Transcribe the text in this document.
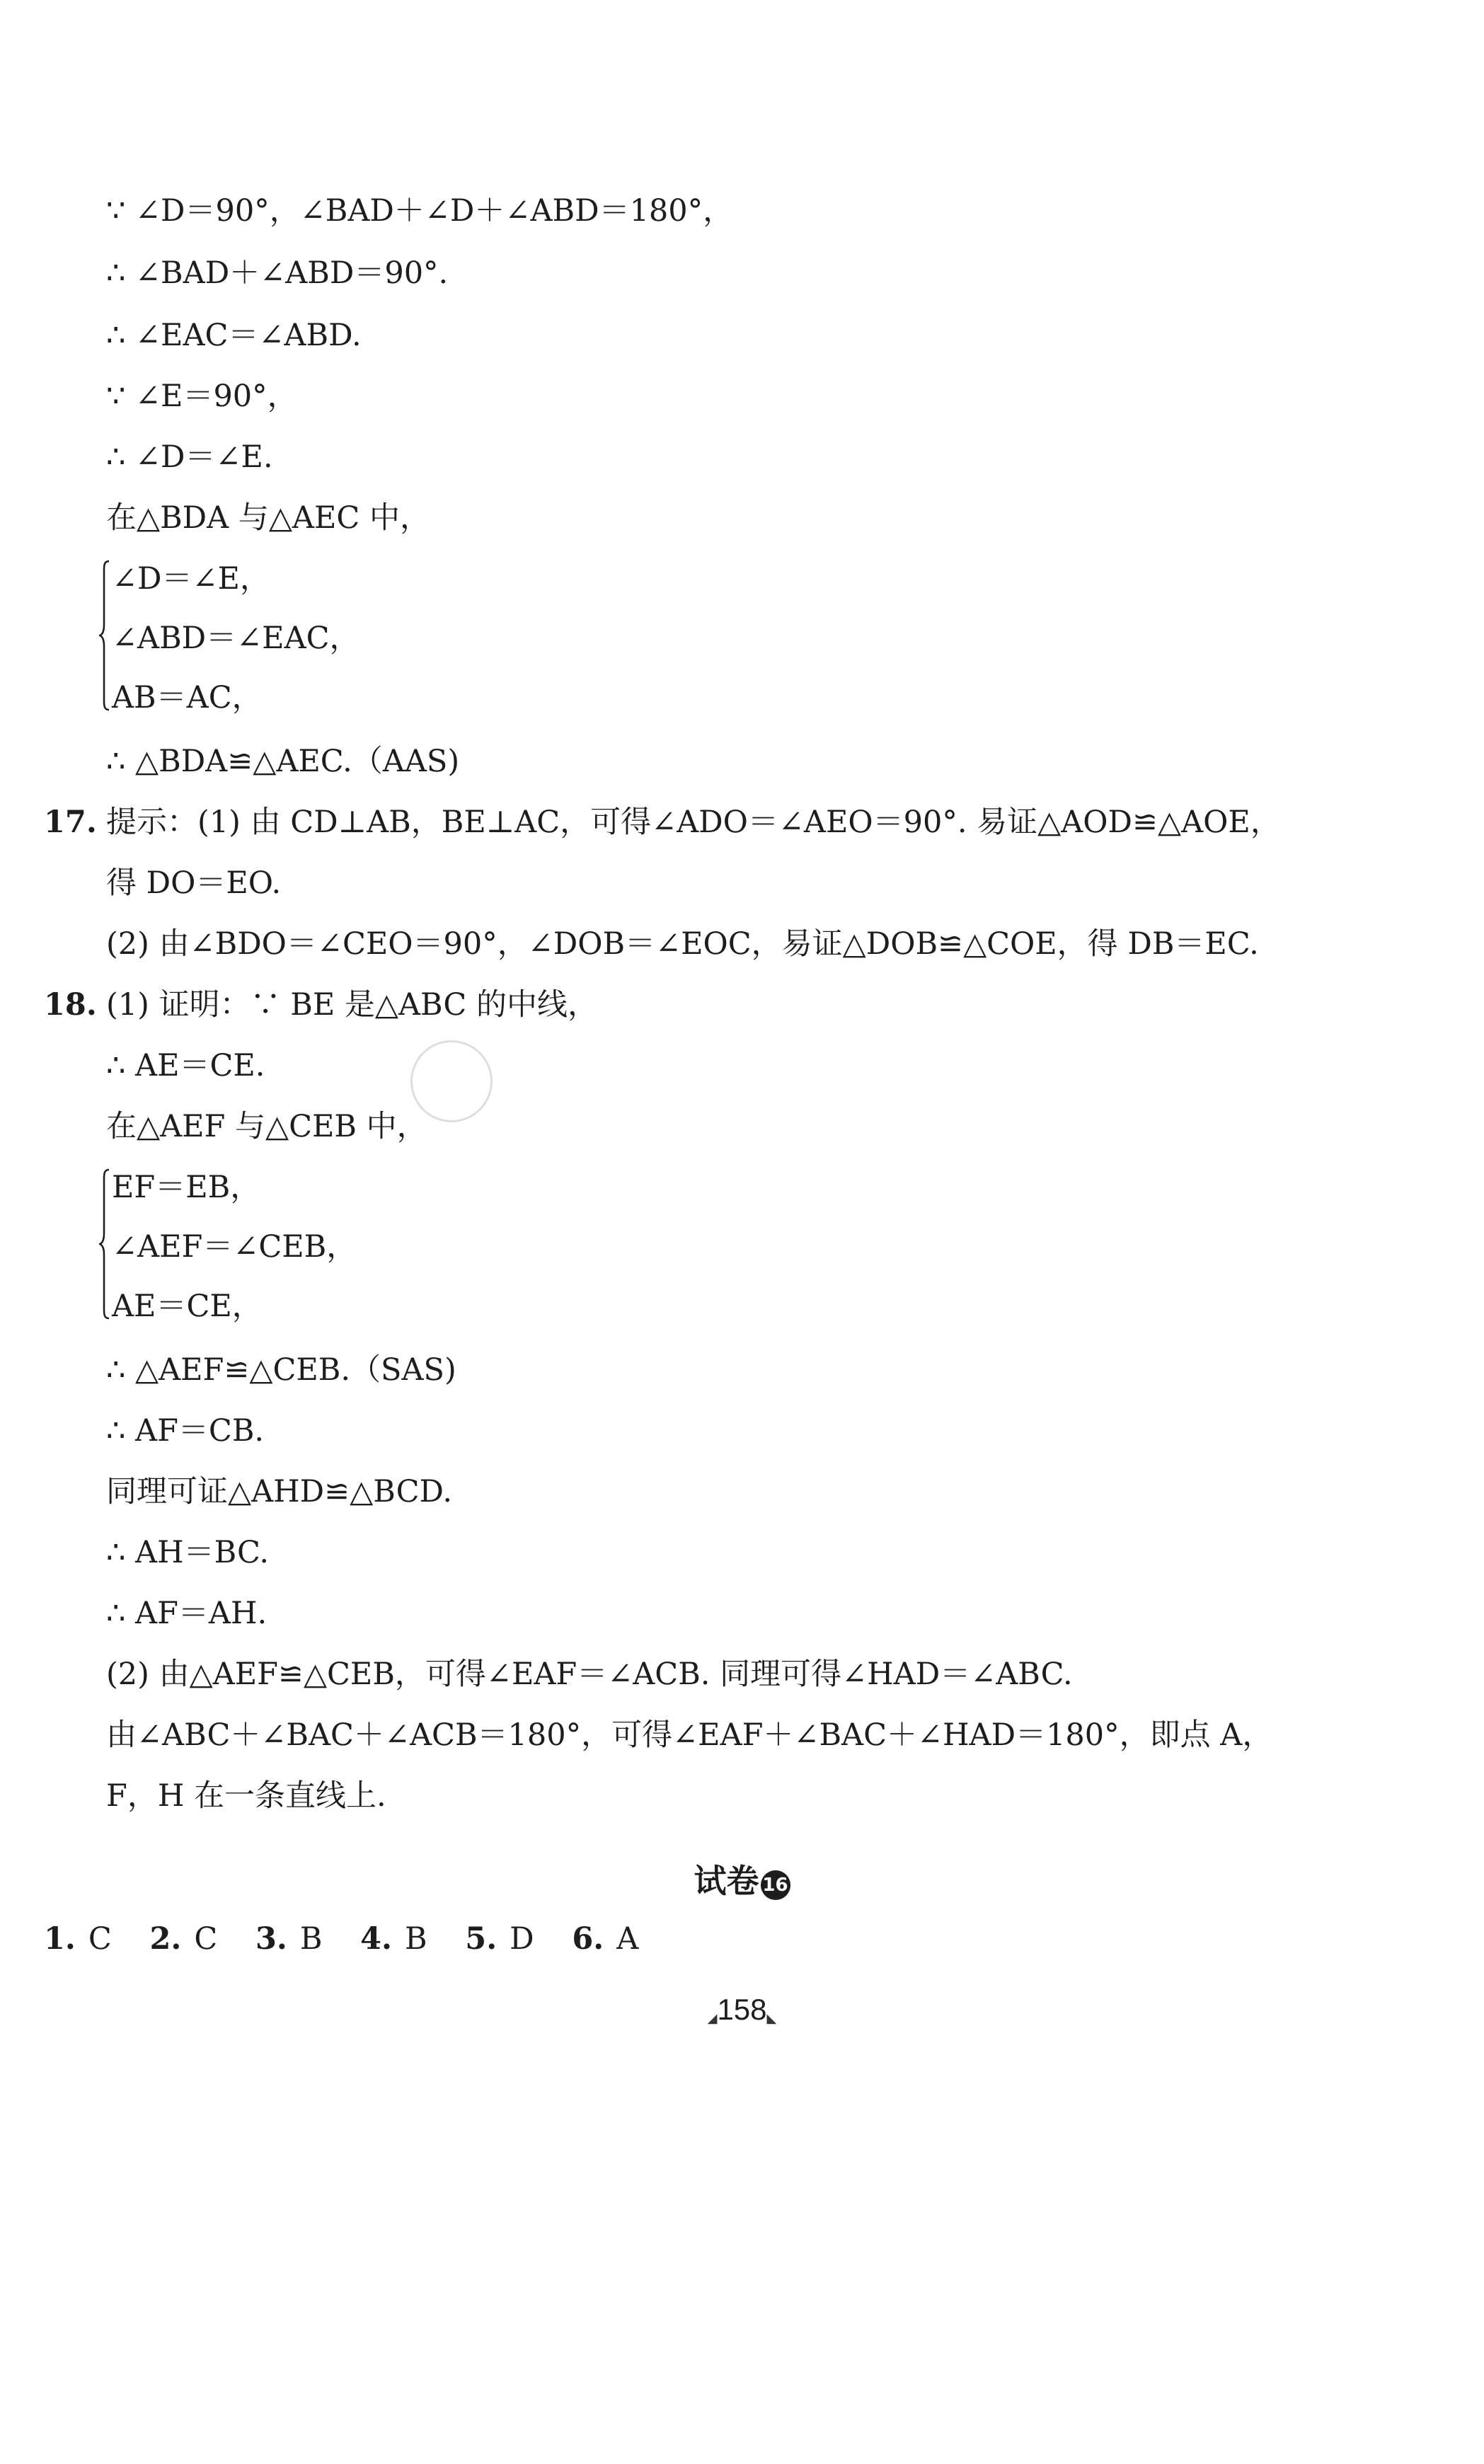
∵ ∠D＝90°，∠BAD＋∠D＋∠ABD＝180°，
∴ ∠BAD＋∠ABD＝90°.
∴ ∠EAC＝∠ABD.
∵ ∠E＝90°，
∴ ∠D＝∠E.
在△BDA 与△AEC 中，
∠D＝∠E，
∠ABD＝∠EAC，
AB＝AC，
∴ △BDA≌△AEC.（AAS)
17. 提示：(1) 由 CD⊥AB，BE⊥AC，可得∠ADO＝∠AEO＝90°. 易证△AOD≌△AOE，
得 DO＝EO.
(2) 由∠BDO＝∠CEO＝90°，∠DOB＝∠EOC，易证△DOB≌△COE，得 DB＝EC.
18. (1) 证明：∵ BE 是△ABC 的中线，
∴ AE＝CE.
在△AEF 与△CEB 中，
EF＝EB，
∠AEF＝∠CEB，
AE＝CE，
∴ △AEF≌△CEB.（SAS)
∴ AF＝CB.
同理可证△AHD≌△BCD.
∴ AH＝BC.
∴ AF＝AH.
(2) 由△AEF≌△CEB，可得∠EAF＝∠ACB. 同理可得∠HAD＝∠ABC.
由∠ABC＋∠BAC＋∠ACB＝180°，可得∠EAF＋∠BAC＋∠HAD＝180°，即点 A，
F，H 在一条直线上.
试卷 16
1. C 2. C 3. B 4. B 5. D 6. A
◢158◣
